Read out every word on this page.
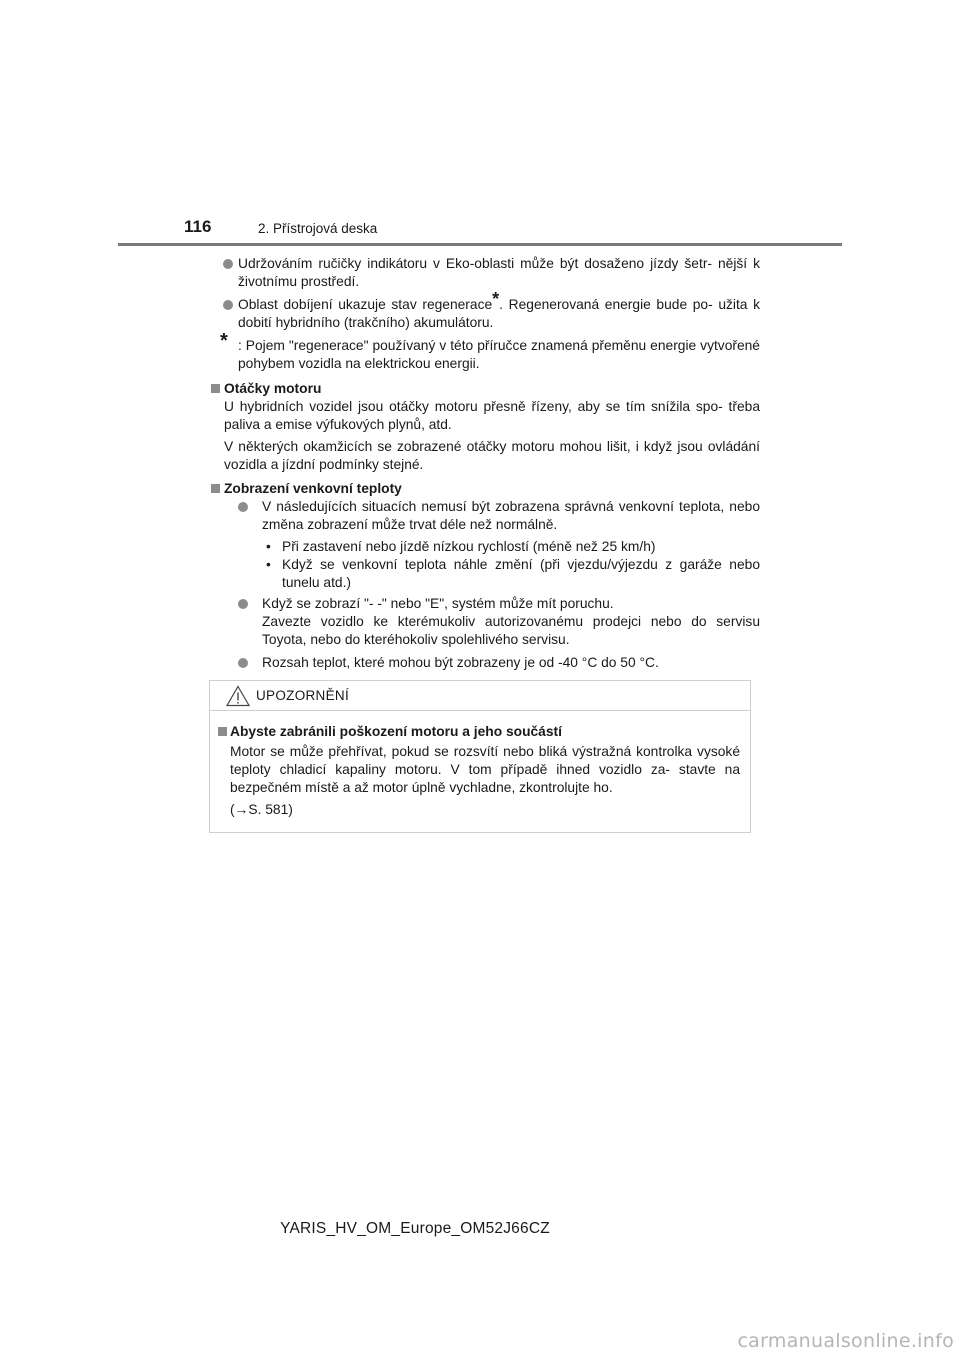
116	2. Přístrojová deska
Udržováním ručičky indikátoru v Eko-oblasti může být dosaženo jízdy šetr- nější k životnímu prostředí.
Oblast dobíjení ukazuje stav regenerace*. Regenerovaná energie bude po- užita k dobití hybridního (trakčního) akumulátoru.
* : Pojem "regenerace" používaný v této příručce znamená přeměnu energie vytvořené pohybem vozidla na elektrickou energii.
Otáčky motoru
U hybridních vozidel jsou otáčky motoru přesně řízeny, aby se tím snížila spo- třeba paliva a emise výfukových plynů, atd.
V některých okamžicích se zobrazené otáčky motoru mohou lišit, i když jsou ovládání vozidla a jízdní podmínky stejné.
Zobrazení venkovní teploty
V následujících situacích nemusí být zobrazena správná venkovní teplota, nebo změna zobrazení může trvat déle než normálně.
• Při zastavení nebo jízdě nízkou rychlostí (méně než 25 km/h)
• Když se venkovní teplota náhle změní (při vjezdu/výjezdu z garáže nebo tunelu atd.)
Když se zobrazí "- -" nebo "E", systém může mít poruchu.
Zavezte vozidlo ke kterémukoliv autorizovanému prodejci nebo do servisu Toyota, nebo do kteréhokoliv spolehlivého servisu.
Rozsah teplot, které mohou být zobrazeny je od -40 °C do 50 °C.
UPOZORNĚNÍ
Abyste zabránili poškození motoru a jeho součástí
Motor se může přehřívat, pokud se rozsvítí nebo bliká výstražná kontrolka vysoké teploty chladicí kapaliny motoru. V tom případě ihned vozidlo za- stavte na bezpečném místě a až motor úplně vychladne, zkontrolujte ho.
(→S. 581)
YARIS_HV_OM_Europe_OM52J66CZ
carmanualsonline.info
